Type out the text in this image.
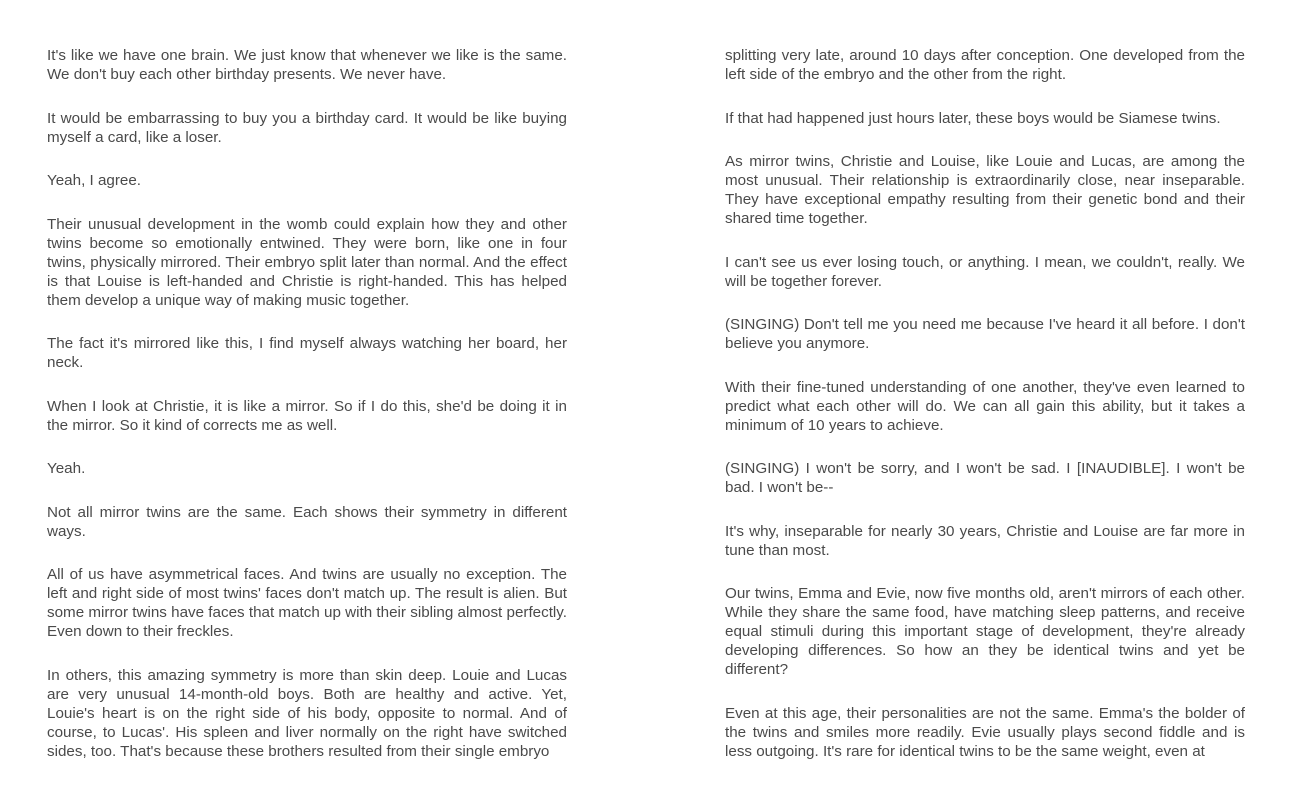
It's like we have one brain. We just know that whenever we like is the same. We don't buy each other birthday presents. We never have.

It would be embarrassing to buy you a birthday card. It would be like buying myself a card, like a loser.

Yeah, I agree.

Their unusual development in the womb could explain how they and other twins become so emotionally entwined. They were born, like one in four twins, physically mirrored. Their embryo split later than normal. And the effect is that Louise is left-handed and Christie is right-handed. This has helped them develop a unique way of making music together.

The fact it's mirrored like this, I find myself always watching her board, her neck.

When I look at Christie, it is like a mirror. So if I do this, she'd be doing it in the mirror. So it kind of corrects me as well.

Yeah.

Not all mirror twins are the same. Each shows their symmetry in different ways.

All of us have asymmetrical faces. And twins are usually no exception. The left and right side of most twins' faces don't match up. The result is alien. But some mirror twins have faces that match up with their sibling almost perfectly. Even down to their freckles.

In others, this amazing symmetry is more than skin deep. Louie and Lucas are very unusual 14-month-old boys. Both are healthy and active. Yet, Louie's heart is on the right side of his body, opposite to normal. And of course, to Lucas'. His spleen and liver normally on the right have switched sides, too. That's because these brothers resulted from their single embryo

splitting very late, around 10 days after conception. One developed from the left side of the embryo and the other from the right.

If that had happened just hours later, these boys would be Siamese twins.

As mirror twins, Christie and Louise, like Louie and Lucas, are among the most unusual. Their relationship is extraordinarily close, near inseparable. They have exceptional empathy resulting from their genetic bond and their shared time together.

I can't see us ever losing touch, or anything. I mean, we couldn't, really. We will be together forever.

(SINGING) Don't tell me you need me because I've heard it all before. I don't believe you anymore.

With their fine-tuned understanding of one another, they've even learned to predict what each other will do. We can all gain this ability, but it takes a minimum of 10 years to achieve.

(SINGING) I won't be sorry, and I won't be sad. I [INAUDIBLE]. I won't be bad. I won't be--

It's why, inseparable for nearly 30 years, Christie and Louise are far more in tune than most.

Our twins, Emma and Evie, now five months old, aren't mirrors of each other. While they share the same food, have matching sleep patterns, and receive equal stimuli during this important stage of development, they're already developing differences. So how an they be identical twins and yet be different?

Even at this age, their personalities are not the same. Emma's the bolder of the twins and smiles more readily. Evie usually plays second fiddle and is less outgoing. It's rare for identical twins to be the same weight, even at
